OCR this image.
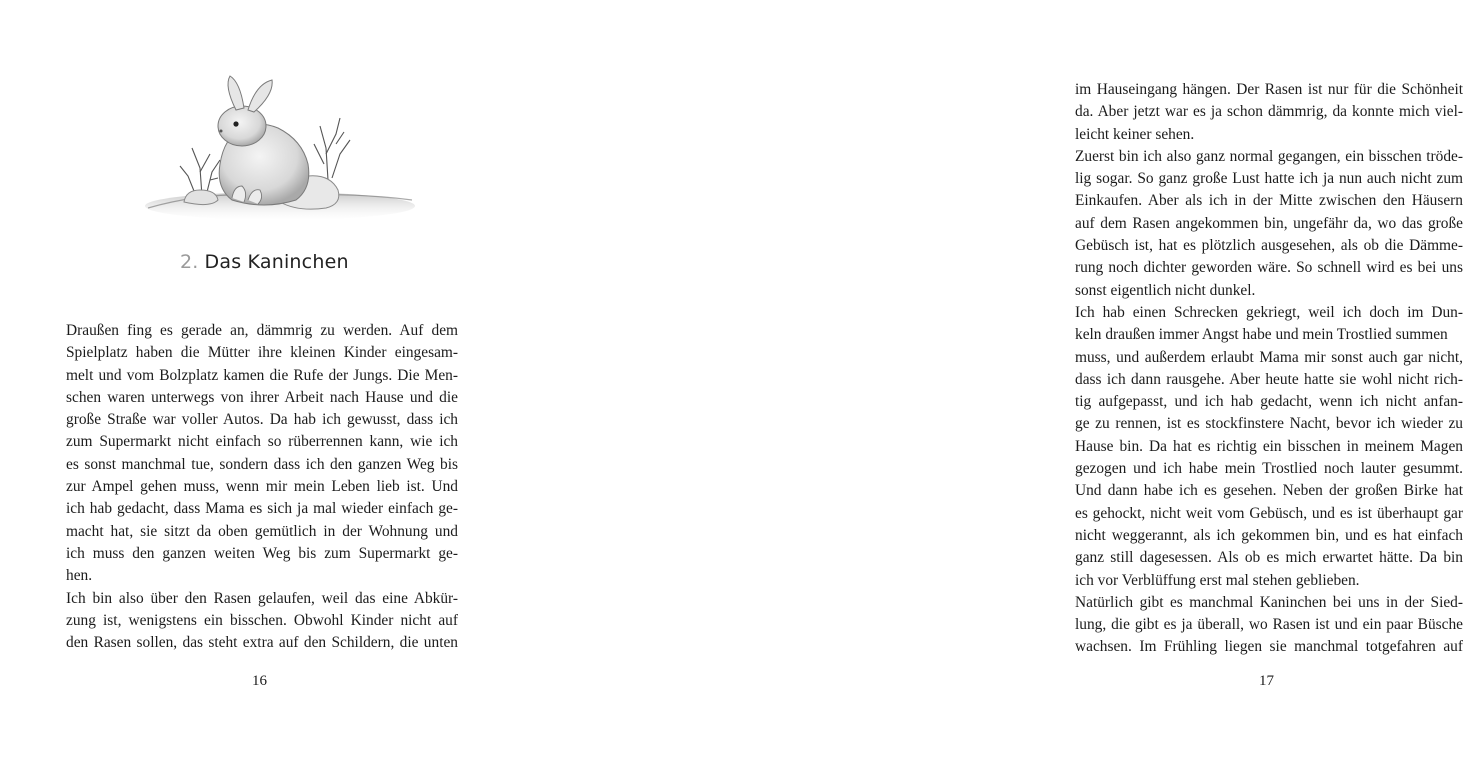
2. Das Kaninchen
Draußen fing es gerade an, dämmrig zu werden. Auf dem
Spielplatz haben die Mütter ihre kleinen Kinder eingesam-
melt und vom Bolzplatz kamen die Rufe der Jungs. Die Men-
schen waren unterwegs von ihrer Arbeit nach Hause und die
große Straße war voller Autos. Da hab ich gewusst, dass ich
zum Supermarkt nicht einfach so rüberrennen kann, wie ich
es sonst manchmal tue, sondern dass ich den ganzen Weg bis
zur Ampel gehen muss, wenn mir mein Leben lieb ist. Und
ich hab gedacht, dass Mama es sich ja mal wieder einfach ge-
macht hat, sie sitzt da oben gemütlich in der Wohnung und
ich muss den ganzen weiten Weg bis zum Supermarkt ge-
hen.
Ich bin also über den Rasen gelaufen, weil das eine Abkür-
zung ist, wenigstens ein bisschen. Obwohl Kinder nicht auf
den Rasen sollen, das steht extra auf den Schildern, die unten
16
im Hauseingang hängen. Der Rasen ist nur für die Schönheit
da. Aber jetzt war es ja schon dämmrig, da konnte mich viel-
leicht keiner sehen.
Zuerst bin ich also ganz normal gegangen, ein bisschen tröde-
lig sogar. So ganz große Lust hatte ich ja nun auch nicht zum
Einkaufen. Aber als ich in der Mitte zwischen den Häusern
auf dem Rasen angekommen bin, ungefähr da, wo das große
Gebüsch ist, hat es plötzlich ausgesehen, als ob die Dämme-
rung noch dichter geworden wäre. So schnell wird es bei uns
sonst eigentlich nicht dunkel.
Ich hab einen Schrecken gekriegt, weil ich doch im Dun-
keln draußen immer Angst habe und mein Trostlied summen
muss, und außerdem erlaubt Mama mir sonst auch gar nicht,
dass ich dann rausgehe. Aber heute hatte sie wohl nicht rich-
tig aufgepasst, und ich hab gedacht, wenn ich nicht anfan-
ge zu rennen, ist es stockfinstere Nacht, bevor ich wieder zu
Hause bin. Da hat es richtig ein bisschen in meinem Magen
gezogen und ich habe mein Trostlied noch lauter gesummt.
Und dann habe ich es gesehen. Neben der großen Birke hat
es gehockt, nicht weit vom Gebüsch, und es ist überhaupt gar
nicht weggerannt, als ich gekommen bin, und es hat einfach
ganz still dagesessen. Als ob es mich erwartet hätte. Da bin
ich vor Verblüffung erst mal stehen geblieben.
Natürlich gibt es manchmal Kaninchen bei uns in der Sied-
lung, die gibt es ja überall, wo Rasen ist und ein paar Büsche
wachsen. Im Frühling liegen sie manchmal totgefahren auf
17
